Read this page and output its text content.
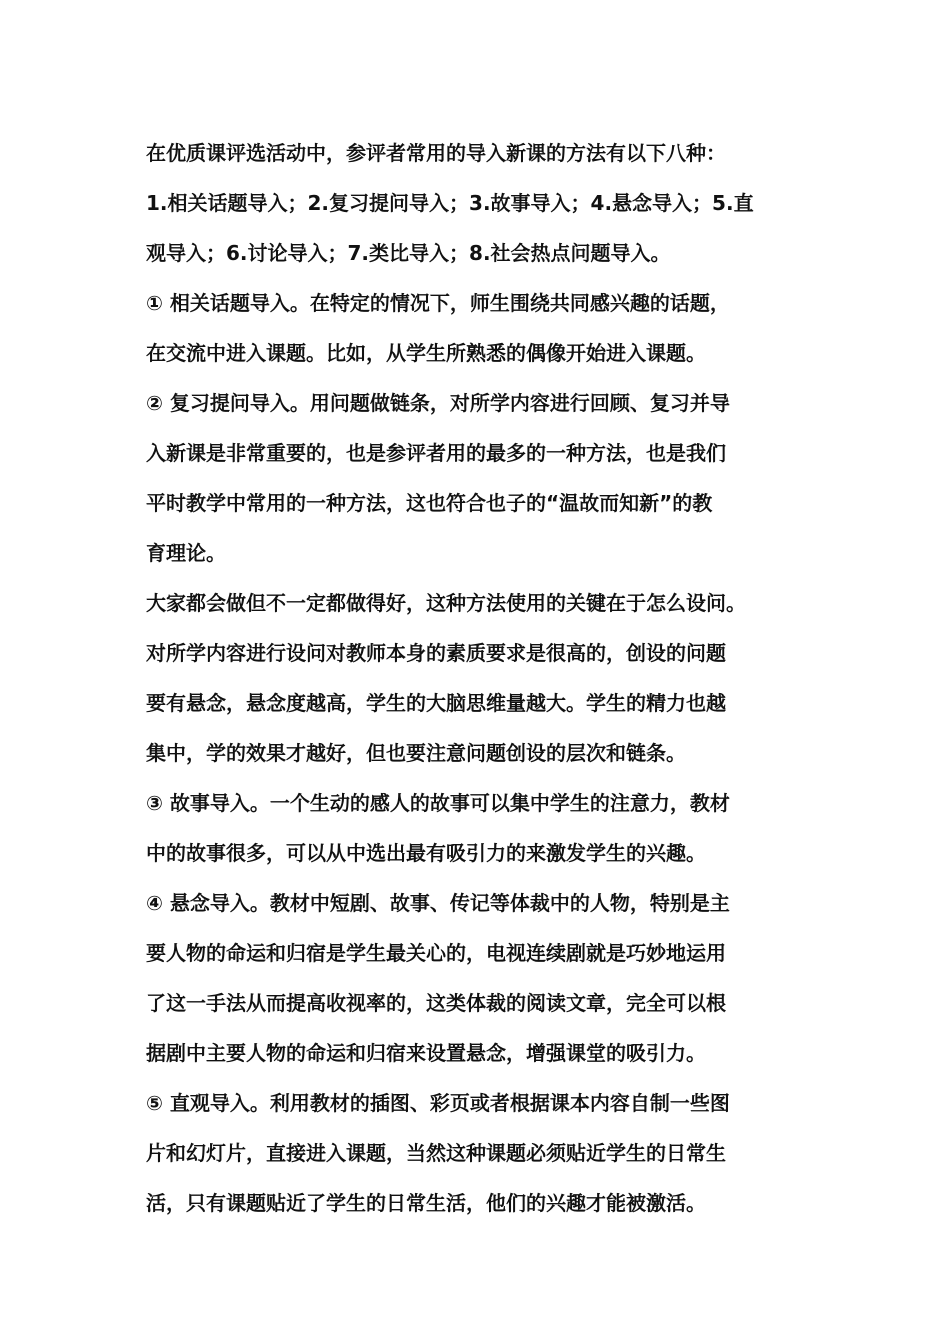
在优质课评选活动中，参评者常用的导入新课的方法有以下八种：
1.相关话题导入；2.复习提问导入；3.故事导入；4.悬念导入；5.直
观导入；6.讨论导入；7.类比导入；8.社会热点问题导入。
① 相关话题导入。在特定的情况下，师生围绕共同感兴趣的话题，
在交流中进入课题。比如，从学生所熟悉的偶像开始进入课题。
② 复习提问导入。用问题做链条，对所学内容进行回顾、复习并导
入新课是非常重要的，也是参评者用的最多的一种方法，也是我们
平时教学中常用的一种方法，这也符合也子的“温故而知新”的教
育理论。
大家都会做但不一定都做得好，这种方法使用的关键在于怎么设问。
对所学内容进行设问对教师本身的素质要求是很高的，创设的问题
要有悬念，悬念度越高，学生的大脑思维量越大。学生的精力也越
集中，学的效果才越好，但也要注意问题创设的层次和链条。
③ 故事导入。一个生动的感人的故事可以集中学生的注意力，教材
中的故事很多，可以从中选出最有吸引力的来激发学生的兴趣。
④ 悬念导入。教材中短剧、故事、传记等体裁中的人物，特别是主
要人物的命运和归宿是学生最关心的，电视连续剧就是巧妙地运用
了这一手法从而提高收视率的，这类体裁的阅读文章，完全可以根
据剧中主要人物的命运和归宿来设置悬念，增强课堂的吸引力。
⑤ 直观导入。利用教材的插图、彩页或者根据课本内容自制一些图
片和幻灯片，直接进入课题，当然这种课题必须贴近学生的日常生
活，只有课题贴近了学生的日常生活，他们的兴趣才能被激活。
